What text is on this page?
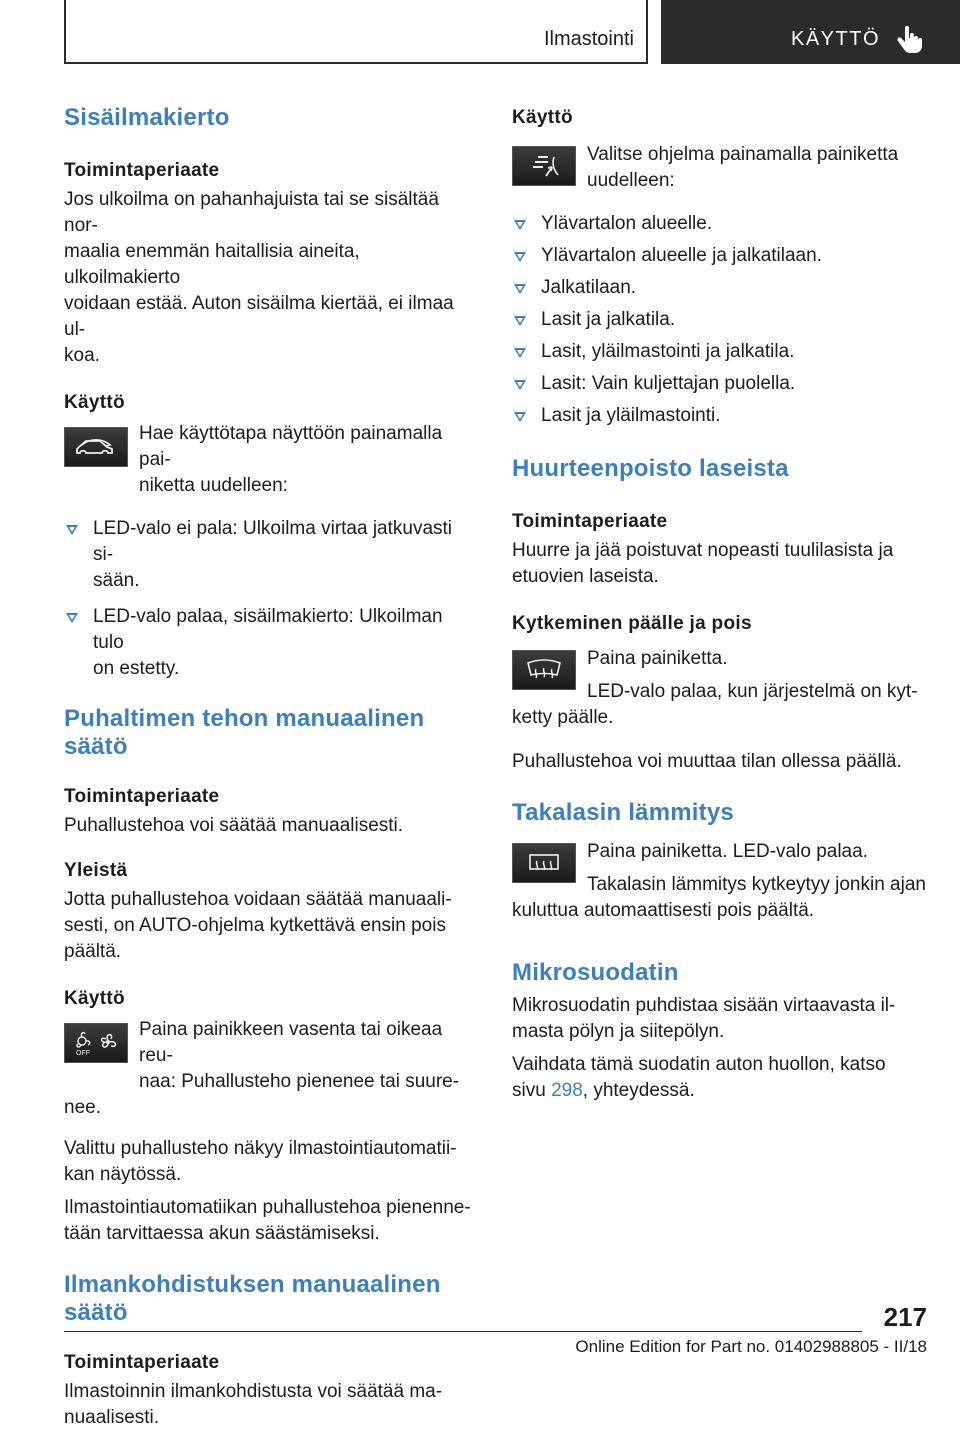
Ilmastointi	KÄYTTÖ
Sisäilmakierto
Toimintaperiaate

Jos ulkoilma on pahanhajuista tai se sisältää nor-

maalia enemmän haitallisia aineita, ulkoilmakierto

voidaan estää. Auton sisäilma kiertää, ei ilmaa ul-

koa.

Käyttö

Hae käyttötapa näyttöön painamalla pai-

niketta uudelleen:

LED-valo ei pala: Ulkoilma virtaa jatkuvasti si-
sään.
LED-valo palaa, sisäilmakierto: Ulkoilman tulo
on estetty.
Puhaltimen tehon manuaalinen
säätö
Toimintaperiaate

Puhallustehoa voi säätää manuaalisesti.

Yleistä

Jotta puhallustehoa voidaan säätää manuaali-

sesti, on AUTO-ohjelma kytkettävä ensin pois

päältä.

Käyttö
OFF

Paina painikkeen vasenta tai oikeaa reu-

naa: Puhallusteho pienenee tai suure-

nee.

Valittu puhallusteho näkyy ilmastointiautomatii-

kan näytössä.

Ilmastointiautomatiikan puhallustehoa pienenne-

tään tarvittaessa akun säästämiseksi.

Ilmankohdistuksen manuaalinen
säätö
Toimintaperiaate

Ilmastoinnin ilmankohdistusta voi säätää ma-

nuaalisesti.

Käyttö

Valitse ohjelma painamalla painiketta

uudelleen:

Ylävartalon alueelle.
Ylävartalon alueelle ja jalkatilaan.
Jalkatilaan.
Lasit ja jalkatila.
Lasit, yläilmastointi ja jalkatila.
Lasit: Vain kuljettajan puolella.
Lasit ja yläilmastointi.
Huurteenpoisto laseista
Toimintaperiaate

Huurre ja jää poistuvat nopeasti tuulilasista ja

etuovien laseista.

Kytkeminen päälle ja pois

Paina painiketta.

LED-valo palaa, kun järjestelmä on kyt-

ketty päälle.

Puhallustehoa voi muuttaa tilan ollessa päällä.

Takalasin lämmitys

Paina painiketta. LED-valo palaa.

Takalasin lämmitys kytkeytyy jonkin ajan

kuluttua automaattisesti pois päältä.

Mikrosuodatin

Mikrosuodatin puhdistaa sisään virtaavasta il-

masta pölyn ja siitepölyn.

Vaihdata tämä suodatin auton huollon, katso

sivu 298, yhteydessä.

217
Online Edition for Part no. 01402988805 - II/18
